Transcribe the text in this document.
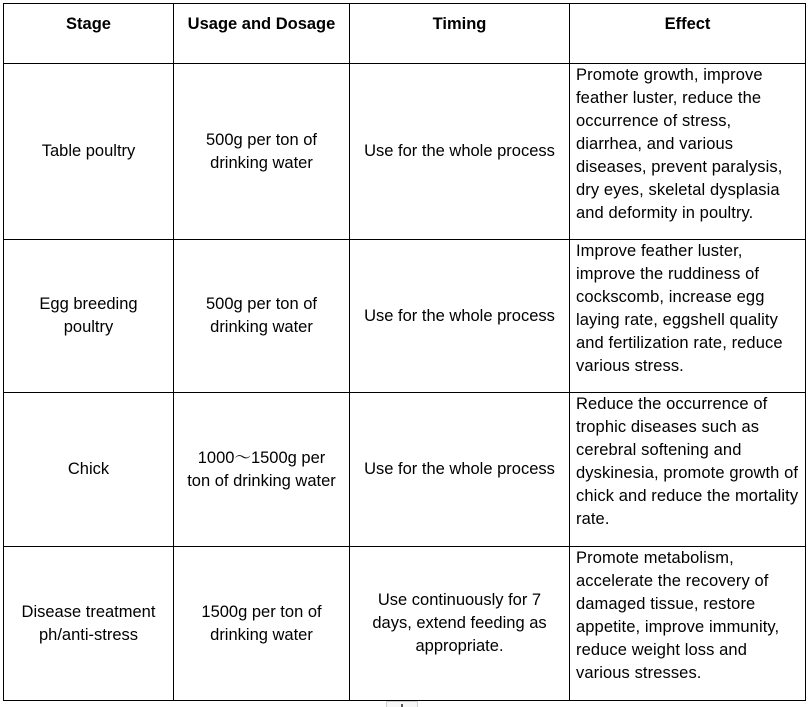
Stage	Usage and Dosage	Timing	Effect

Table poultry	500g per ton of drinking water	Use for the whole process	Promote growth, improve feather luster, reduce the occurrence of stress, diarrhea, and various diseases, prevent paralysis, dry eyes, skeletal dysplasia and deformity in poultry.

Egg breeding poultry	500g per ton of drinking water	Use for the whole process	Improve feather luster, improve the ruddiness of cockscomb, increase egg laying rate, eggshell quality and fertilization rate, reduce various stress.

Chick	1000～1500g per ton of drinking water	Use for the whole process	Reduce the occurrence of trophic diseases such as cerebral softening and dyskinesia, promote growth of chick and reduce the mortality rate.

Disease treatment ph/anti-stress	1500g per ton of drinking water	Use continuously for 7 days, extend feeding as appropriate.	Promote metabolism, accelerate the recovery of damaged tissue, restore appetite, improve immunity, reduce weight loss and various stresses.
